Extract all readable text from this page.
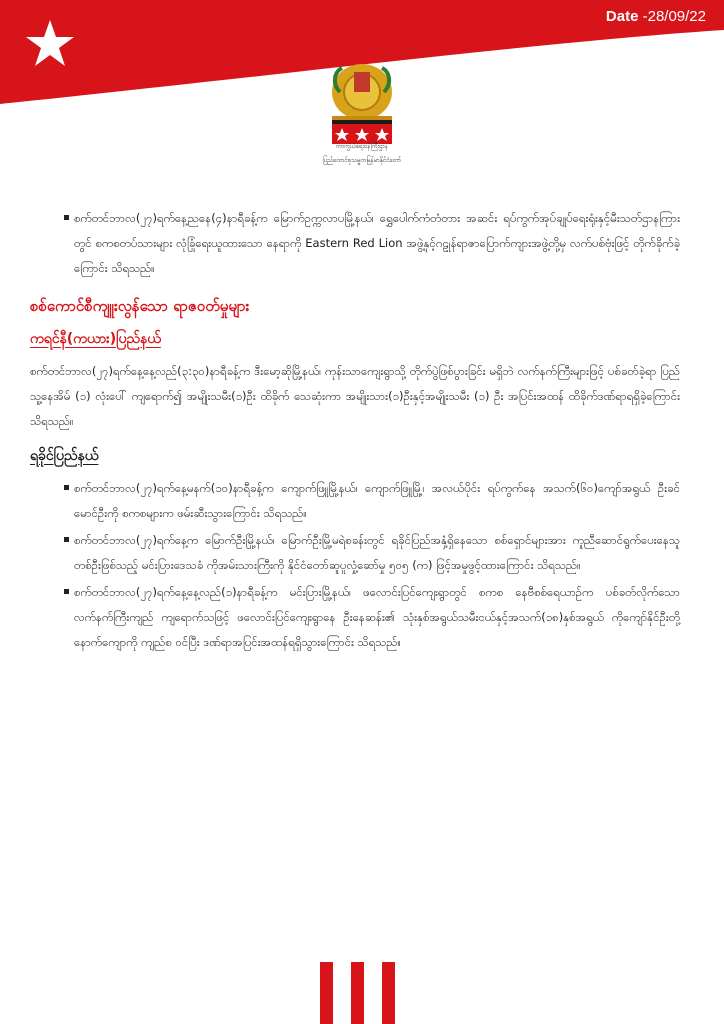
Date -28/09/22
ကာကွယ်ရေးဝန်ကြီးဌာန
ပြည်ထောင်စုသမ္မတမြန်မာနိုင်ငံတော်
စက်တင်ဘာလ(၂၇)ရက်နေ့ညနေ(၄)နာရီခန့်က မြောက်ဥက္ကလာပမြို့နယ်၊ ရွှေပေါက်ကံတံတား အဆင်း ရပ်ကွက်အုပ်ချုပ်ရေးရုံးနှင့်မီးသတ်ဌာနကြားတွင် စကစတပ်သားများ လုံခြုံရေးယူထားသော နေရာကို Eastern Red Lion အဖွဲ့နှင့်ဂဠုန်ရာဇာပြောက်ကျားအဖွဲ့တို့မှ လက်ပစ်ဗုံးဖြင့် တိုက်ခိုက်ခဲ့ကြောင်း သိရသည်။
စစ်ကောင်စီကျူးလွန်သော ရာဇဝတ်မှုများ
ကရင်နီ(ကယား)ပြည်နယ်

စက်တင်ဘာလ(၂၇)ရက်နေ့နေ့လည်(၃:၃၀)နာရီခန့်က ဒီးမော့ဆိုမြို့နယ်၊ ကုန်းသာကျေးရွာသို့ တိုက်ပွဲဖြစ်ပွားခြင်း မရှိဘဲ လက်နက်ကြီးများဖြင့် ပစ်ခတ်ခဲ့ရာ ပြည်သူ့နေအိမ် (၁) လုံးပေါ် ကျရောက်၍ အမျိုးသမီး(၁)ဦး ထိခိုက် သေဆုံးကာ အမျိုးသား(၁)ဦးနှင့်အမျိုးသမီး (၁) ဦး အပြင်းအထန် ထိခိုက်ဒဏ်ရာရရှိခဲ့ကြောင်း သိရသည်။

ရခိုင်ပြည်နယ်
စက်တင်ဘာလ(၂၇)ရက်နေ့မနက်(၁၀)နာရီခန့်က ကျောက်ဖြူမြို့နယ်၊ ကျောက်ဖြူမြို့၊ အလယ်ပိုင်း ရပ်ကွက်နေ အသက်(၆၀)ကျော်အရွယ် ဦးခင်မောင်ဦးကို စကစများက ဖမ်းဆီးသွားကြောင်း သိရသည်။
စက်တင်ဘာလ(၂၇)ရက်နေ့က မြောက်ဦးမြို့နယ်၊ မြောက်ဦးမြို့မရဲစခန်းတွင် ရခိုင်ပြည်အနှံ့ရှိနေသော စစ်ရှောင်များအား ကူညီဆောင်ရွက်ပေးနေသူတစ်ဦးဖြစ်သည့် မင်းပြားဒေသခံ ကိုအမ်းသားကြီးကို နိုင်ငံတော်ဆူပူလှုံ့ဆော်မှု ၅၀၅ (က) ဖြင့်အမှုဖွင့်ထားကြောင်း သိရသည်။
စက်တင်ဘာလ(၂၇)ရက်နေ့နေ့လည်(၁)နာရီခန့်က မင်းပြားမြို့နယ်၊ ဖလောင်းပြင်ကျေးရွာတွင် စကစ နေဗီစစ်ရေယာဉ်က ပစ်ခတ်လိုက်သော လက်နက်ကြီးကျည် ကျရောက်သဖြင့် ဖလောင်းပြင်ကျေးရွာနေ ဦးနေဆန်း၏ သုံးနှစ်အရွယ်သမီးငယ်နှင့်အသက်(၁၈)နှစ်အရွယ် ကိုကျော်နိုင်ဦးတို့ နောက်ကျောကို ကျည်စ ဝင်ပြီး ဒဏ်ရာအပြင်းအထန်ရရှိသွားကြောင်း သိရသည်။
